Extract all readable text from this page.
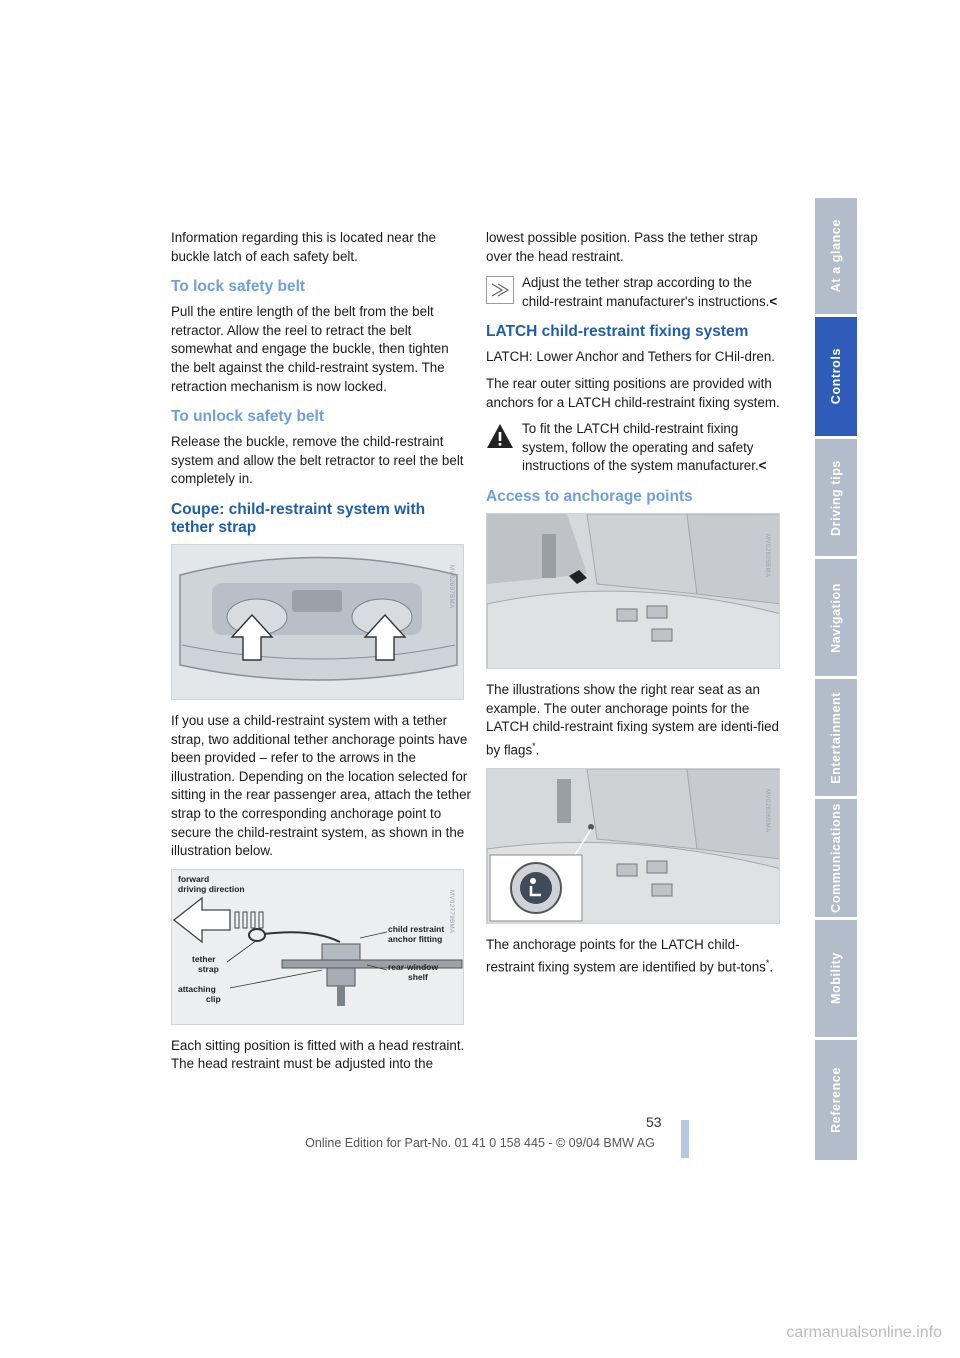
Information regarding this is located near the buckle latch of each safety belt.

To lock safety belt

Pull the entire length of the belt from the belt retractor. Allow the reel to retract the belt somewhat and engage the buckle, then tighten the belt against the child-restraint system. The retraction mechanism is now locked.

To unlock safety belt

Release the buckle, remove the child-restraint system and allow the belt retractor to reel the belt completely in.

Coupe: child-restraint system with tether strap
MV02697BMA

If you use a child-restraint system with a tether strap, two additional tether anchorage points have been provided – refer to the arrows in the illustration. Depending on the location selected for sitting in the rear passenger area, attach the tether strap to the corresponding anchorage point to secure the child-restraint system, as shown in the illustration below.

forward
driving direction
child restraint
anchor fitting
tether
strap	rear-window
shelf
attaching
clip
MV02779BMA

Each sitting position is fitted with a head restraint.

The head restraint must be adjusted into the

lowest possible position. Pass the tether strap over the head restraint.

Adjust the tether strap according to the child-restraint manufacturer's instructions.<

LATCH child-restraint fixing system

LATCH: Lower Anchor and Tethers for CHil-dren.

The rear outer sitting positions are provided with anchors for a LATCH child-restraint fixing system.

To fit the LATCH child-restraint fixing system, follow the operating and safety instructions of the system manufacturer.<

Access to anchorage points
MV02805BMA

The illustrations show the right rear seat as an example. The outer anchorage points for the LATCH child-restraint fixing system are identi-fied by flags*.

MV02806BMA

The anchorage points for the LATCH child-restraint fixing system are identified by but-tons*.

At a glance
Controls
Driving tips
Navigation
Entertainment
Communications
Mobility
Reference
53
Online Edition for Part-No. 01 41 0 158 445 - © 09/04 BMW AG
carmanualsonline.info
